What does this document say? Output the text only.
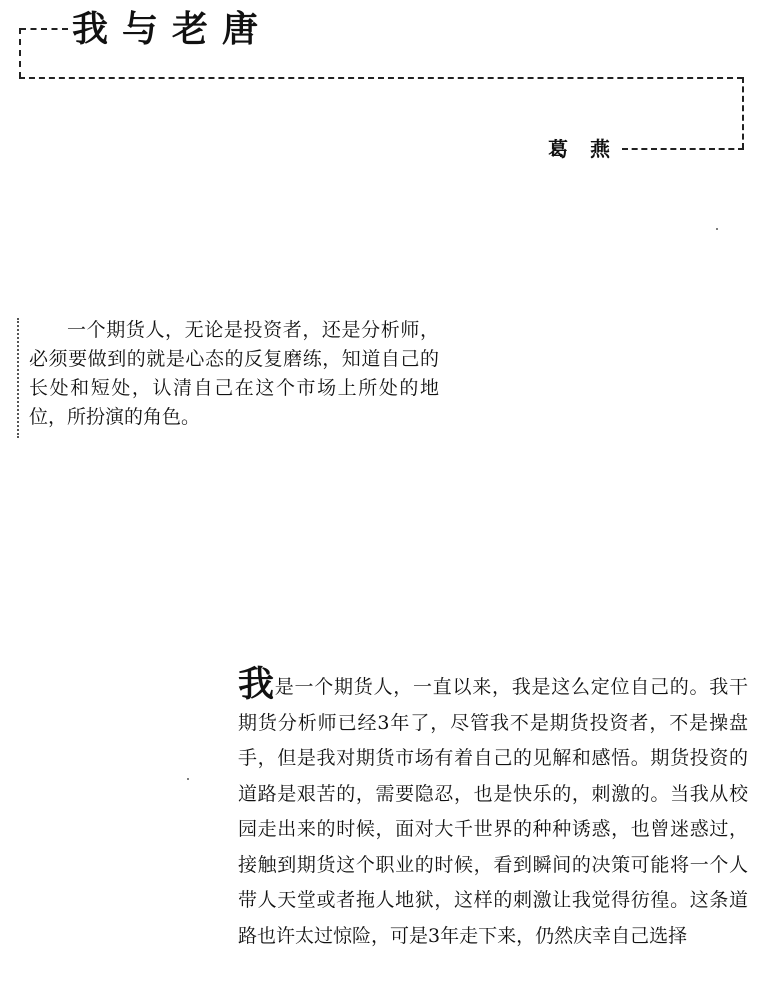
我与老唐
葛燕

一个期货人，无论是投资者，还是分析师，必须要做到的就是心态的反复磨练，知道自己的长处和短处，认清自己在这个市场上所处的地位，所扮演的角色。

我是一个期货人，一直以来，我是这么定位自己的。我干期货分析师已经3年了，尽管我不是期货投资者，不是操盘手，但是我对期货市场有着自己的见解和感悟。期货投资的道路是艰苦的，需要隐忍，也是快乐的，刺激的。当我从校园走出来的时候，面对大千世界的种种诱惑，也曾迷惑过，接触到期货这个职业的时候，看到瞬间的决策可能将一个人带人天堂或者拖人地狱，这样的刺激让我觉得彷徨。这条道路也许太过惊险，可是3年走下来，仍然庆幸自己选择
